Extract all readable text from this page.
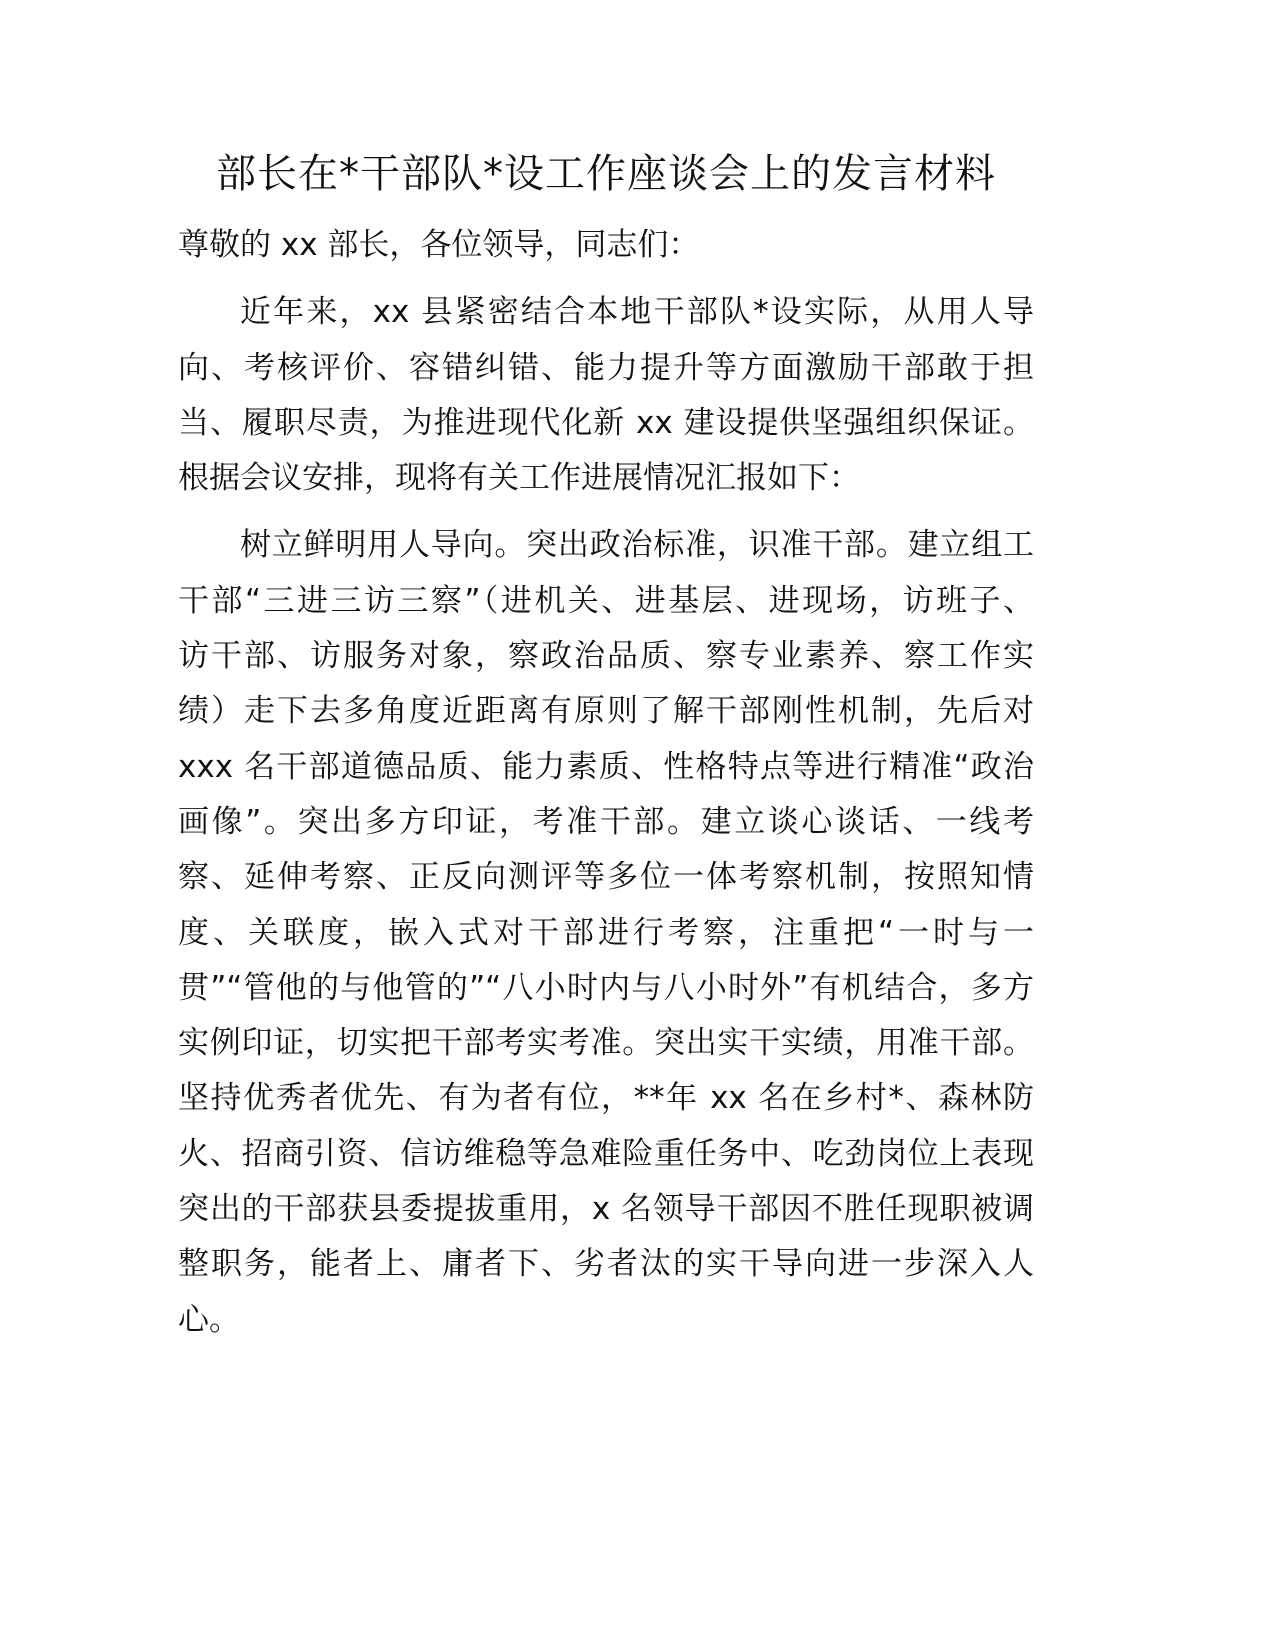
部长在*干部队*设工作座谈会上的发言材料
尊敬的 xx 部长，各位领导，同志们：
近年来，xx 县紧密结合本地干部队*设实际，从用人导
向、考核评价、容错纠错、能力提升等方面激励干部敢于担
当、履职尽责，为推进现代化新 xx 建设提供坚强组织保证。
根据会议安排，现将有关工作进展情况汇报如下：
树立鲜明用人导向。突出政治标准，识准干部。建立组工
干部“三进三访三察”（进机关、进基层、进现场，访班子、
访干部、访服务对象，察政治品质、察专业素养、察工作实
绩）走下去多角度近距离有原则了解干部刚性机制，先后对
xxx 名干部道德品质、能力素质、性格特点等进行精准“政治
画像”。突出多方印证，考准干部。建立谈心谈话、一线考
察、延伸考察、正反向测评等多位一体考察机制，按照知情
度、关联度，嵌入式对干部进行考察，注重把“一时与一
贯”“管他的与他管的”“八小时内与八小时外”有机结合，多方
实例印证，切实把干部考实考准。突出实干实绩，用准干部。
坚持优秀者优先、有为者有位，**年 xx 名在乡村*、森林防
火、招商引资、信访维稳等急难险重任务中、吃劲岗位上表现
突出的干部获县委提拔重用，x 名领导干部因不胜任现职被调
整职务，能者上、庸者下、劣者汰的实干导向进一步深入人
心。
